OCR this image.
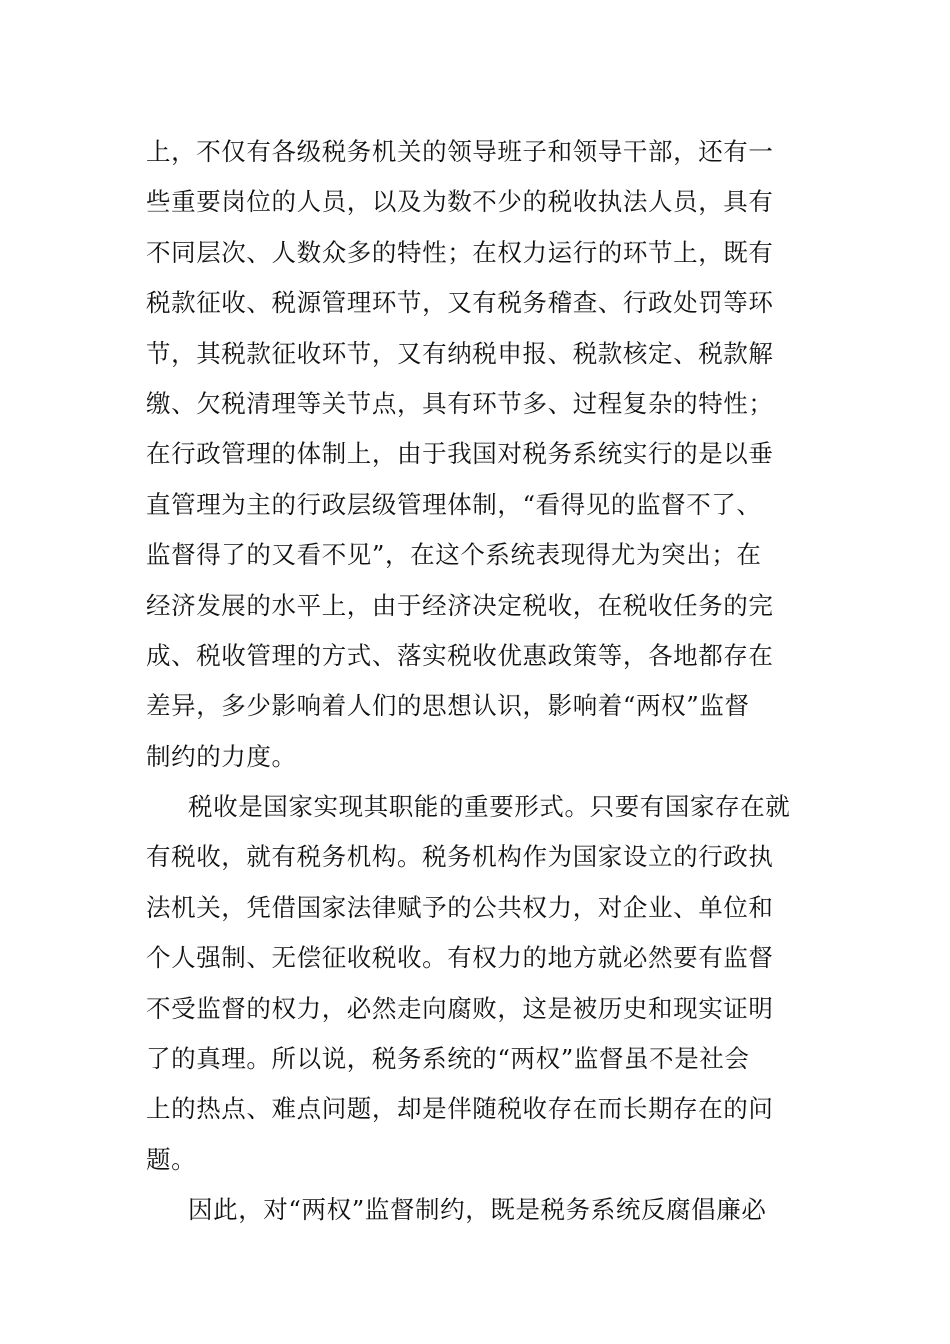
上，不仅有各级税务机关的领导班子和领导干部，还有一
些重要岗位的人员，以及为数不少的税收执法人员，具有
不同层次、人数众多的特性；在权力运行的环节上，既有
税款征收、税源管理环节，又有税务稽查、行政处罚等环
节，其税款征收环节，又有纳税申报、税款核定、税款解
缴、欠税清理等关节点，具有环节多、过程复杂的特性；
在行政管理的体制上，由于我国对税务系统实行的是以垂
直管理为主的行政层级管理体制，“看得见的监督不了、
监督得了的又看不见”，在这个系统表现得尤为突出；在
经济发展的水平上，由于经济决定税收，在税收任务的完
成、税收管理的方式、落实税收优惠政策等，各地都存在
差异，多少影响着人们的思想认识，影响着“两权”监督
制约的力度。
税收是国家实现其职能的重要形式。只要有国家存在就
有税收，就有税务机构。税务机构作为国家设立的行政执
法机关，凭借国家法律赋予的公共权力，对企业、单位和
个人强制、无偿征收税收。有权力的地方就必然要有监督
不受监督的权力，必然走向腐败，这是被历史和现实证明
了的真理。所以说，税务系统的“两权”监督虽不是社会
上的热点、难点问题，却是伴随税收存在而长期存在的问
题。
因此，对“两权”监督制约，既是税务系统反腐倡廉必
